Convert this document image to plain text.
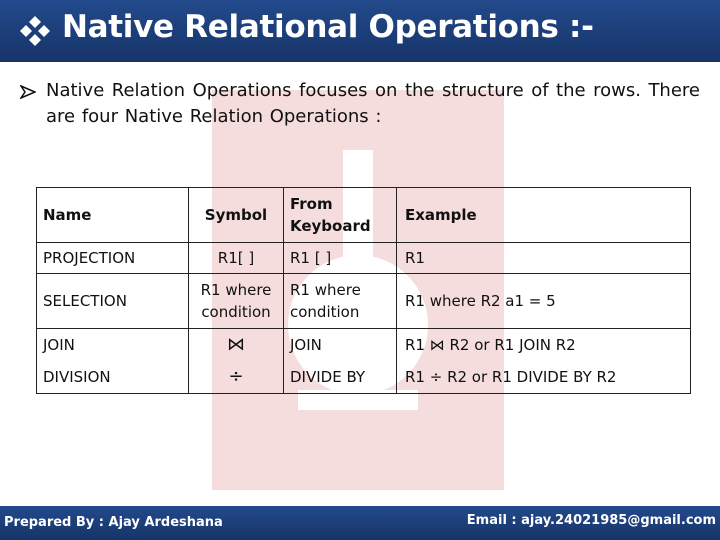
Native Relational Operations :-
Native Relation Operations focuses on the structure of the rows. There are four Native Relation Operations :
Name	Symbol	From Keyboard	Example
PROJECTION	R1[ ]	R1 [ ]	R1
SELECTION	R1 where condition	R1 where condition	R1 where R2 a1 = 5
JOIN	⋈	JOIN	R1 ⋈ R2 or R1 JOIN R2
DIVISION	÷	DIVIDE BY	R1 ÷ R2 or R1 DIVIDE BY R2
Prepared By : Ajay Ardeshana	Email : ajay.24021985@gmail.com
